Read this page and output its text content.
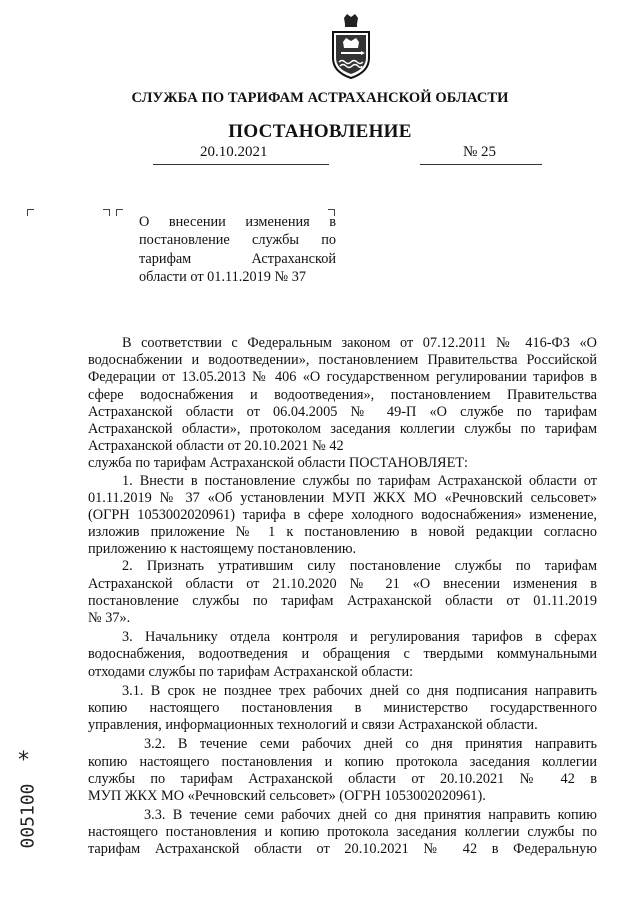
СЛУЖБА ПО ТАРИФАМ АСТРАХАНСКОЙ ОБЛАСТИ
ПОСТАНОВЛЕНИЕ
20.10.2021	№ 25
О внесении изменения в
постановление службы по
тарифам Астраханской
области от 01.11.2019 № 37
В соответствии с Федеральным законом от 07.12.2011 № 416-ФЗ «О
водоснабжении и водоотведении», постановлением Правительства Российской
Федерации от 13.05.2013 № 406 «О государственном регулировании тарифов в
сфере водоснабжения и водоотведения», постановлением Правительства
Астраханской области от 06.04.2005 № 49-П «О службе по тарифам
Астраханской области», протоколом заседания коллегии службы по тарифам
Астраханской области от 20.10.2021 № 42
служба по тарифам Астраханской области ПОСТАНОВЛЯЕТ:
1. Внести в постановление службы по тарифам Астраханской области от
01.11.2019 № 37 «Об установлении МУП ЖКХ МО «Речновский сельсовет»
(ОГРН 1053002020961) тарифа в сфере холодного водоснабжения» изменение,
изложив приложение № 1 к постановлению в новой редакции согласно
приложению к настоящему постановлению.
2. Признать утратившим силу постановление службы по тарифам
Астраханской области от 21.10.2020 № 21 «О внесении изменения в
постановление службы по тарифам Астраханской области от 01.11.2019
№ 37».
3. Начальнику отдела контроля и регулирования тарифов в сферах
водоснабжения, водоотведения и обращения с твердыми коммунальными
отходами службы по тарифам Астраханской области:
3.1. В срок не позднее трех рабочих дней со дня подписания направить
копию настоящего постановления в министерство государственного
управления, информационных технологий и связи Астраханской области.
3.2. В течение семи рабочих дней со дня принятия направить
копию настоящего постановления и копию протокола заседания коллегии
службы по тарифам Астраханской области от 20.10.2021 № 42 в
МУП ЖКХ МО «Речновский сельсовет» (ОГРН 1053002020961).
3.3. В течение семи рабочих дней со дня принятия направить копию
настоящего постановления и копию протокола заседания коллегии службы по
тарифам Астраханской области от 20.10.2021 № 42 в Федеральную
*
005100
